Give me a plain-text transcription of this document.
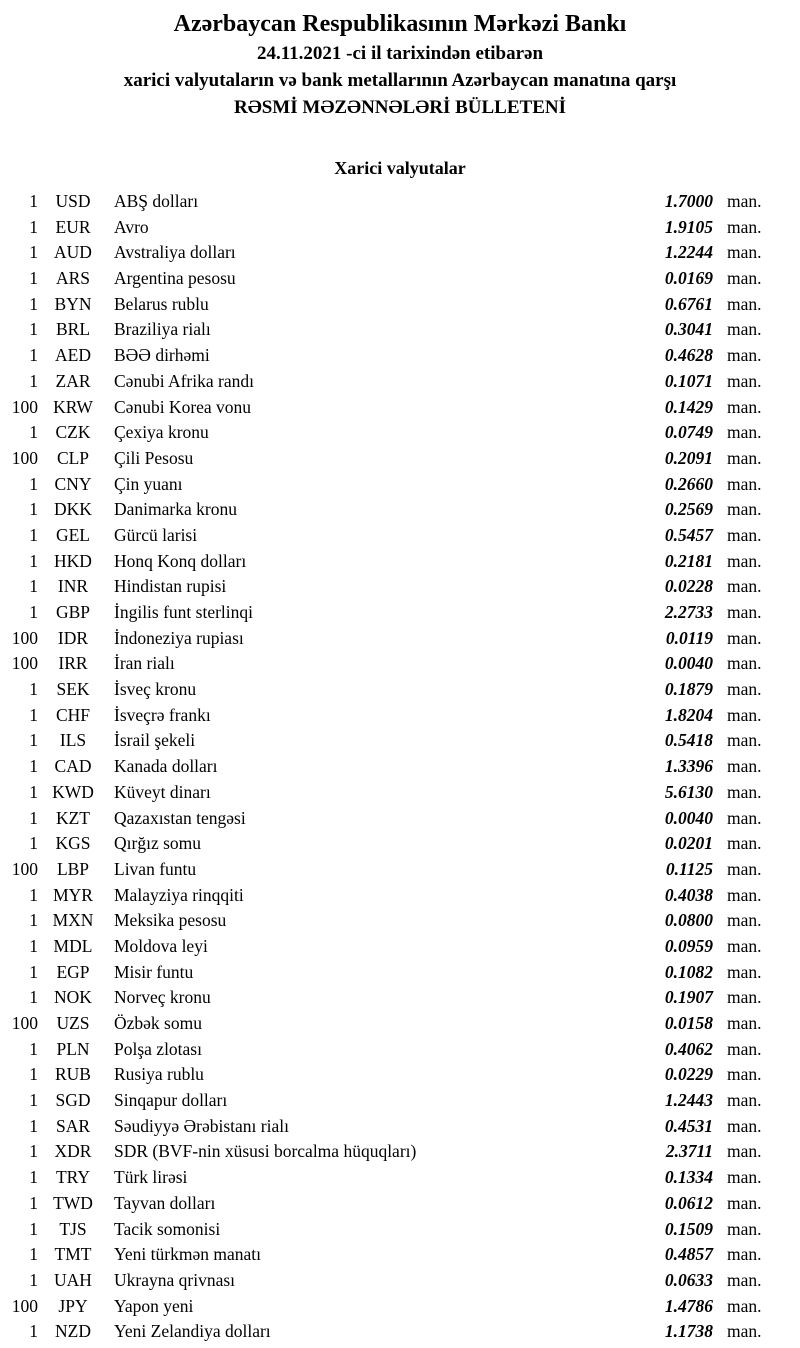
Azərbaycan Respublikasının Mərkəzi Bankı
24.11.2021 -ci il tarixindən etibarən
xarici valyutaların və bank metallarının Azərbaycan manatına qarşı
RƏSMİ MƏZƏNNƏLƏRİ BÜLLETENİ
Xarici valyutalar
1 USD	ABŞ dolları	1.7000 man.
1	EUR	Avro	1.9105 man.
1 AUD	Avstraliya dolları	1.2244 man.
1	ARS	Argentina pesosu	0.0169 man.
1 BYN	Belarus rublu	0.6761 man.
1	BRL	Braziliya rialı	0.3041 man.
1 AED	BƏƏ dirhəmi	0.4628 man.
1	ZAR	Cənubi Afrika randı	0.1071 man.
100 KRW	Cənubi Korea vonu	0.1429 man.
1	CZK	Çexiya kronu	0.0749 man.
100	CLP	Çili Pesosu	0.2091 man.
1 CNY	Çin yuanı	0.2660 man.
1 DKK	Danimarka kronu	0.2569 man.
1	GEL	Gürcü larisi	0.5457 man.
1 HKD	Honq Konq dolları	0.2181 man.
1	INR	Hindistan rupisi	0.0228 man.
1	GBP	İngilis funt sterlinqi	2.2733 man.
100	IDR	İndoneziya rupiası	0.0119 man.
100	IRR	İran rialı	0.0040 man.
1	SEK	İsveç kronu	0.1879 man.
1	CHF	İsveçrə frankı	1.8204 man.
1	ILS	İsrail şekeli	0.5418 man.
1 CAD	Kanada dolları	1.3396 man.
1 KWD	Küveyt dinarı	5.6130 man.
1	KZT	Qazaxıstan tengəsi	0.0040 man.
1 KGS	Qırğız somu	0.0201 man.
100	LBP	Livan funtu	0.1125 man.
1 MYR	Malayziya rinqqiti	0.4038 man.
1 MXN	Meksika pesosu	0.0800 man.
1 MDL	Moldova leyi	0.0959 man.
1	EGP	Misir funtu	0.1082 man.
1 NOK	Norveç kronu	0.1907 man.
100	UZS	Özbək somu	0.0158 man.
1	PLN	Polşa zlotası	0.4062 man.
1 RUB	Rusiya rublu	0.0229 man.
1 SGD	Sinqapur dolları	1.2443 man.
1	SAR	Səudiyyə Ərəbistanı rialı	0.4531 man.
1 XDR	SDR (BVF-nin xüsusi borcalma hüquqları)	2.3711 man.
1	TRY	Türk lirəsi	0.1334 man.
1 TWD	Tayvan dolları	0.0612 man.
1	TJS	Tacik somonisi	0.1509 man.
1 TMT	Yeni türkmən manatı	0.4857 man.
1 UAH	Ukrayna qrivnası	0.0633 man.
100	JPY	Yapon yeni	1.4786 man.
1 NZD	Yeni Zelandiya dolları	1.1738 man.
